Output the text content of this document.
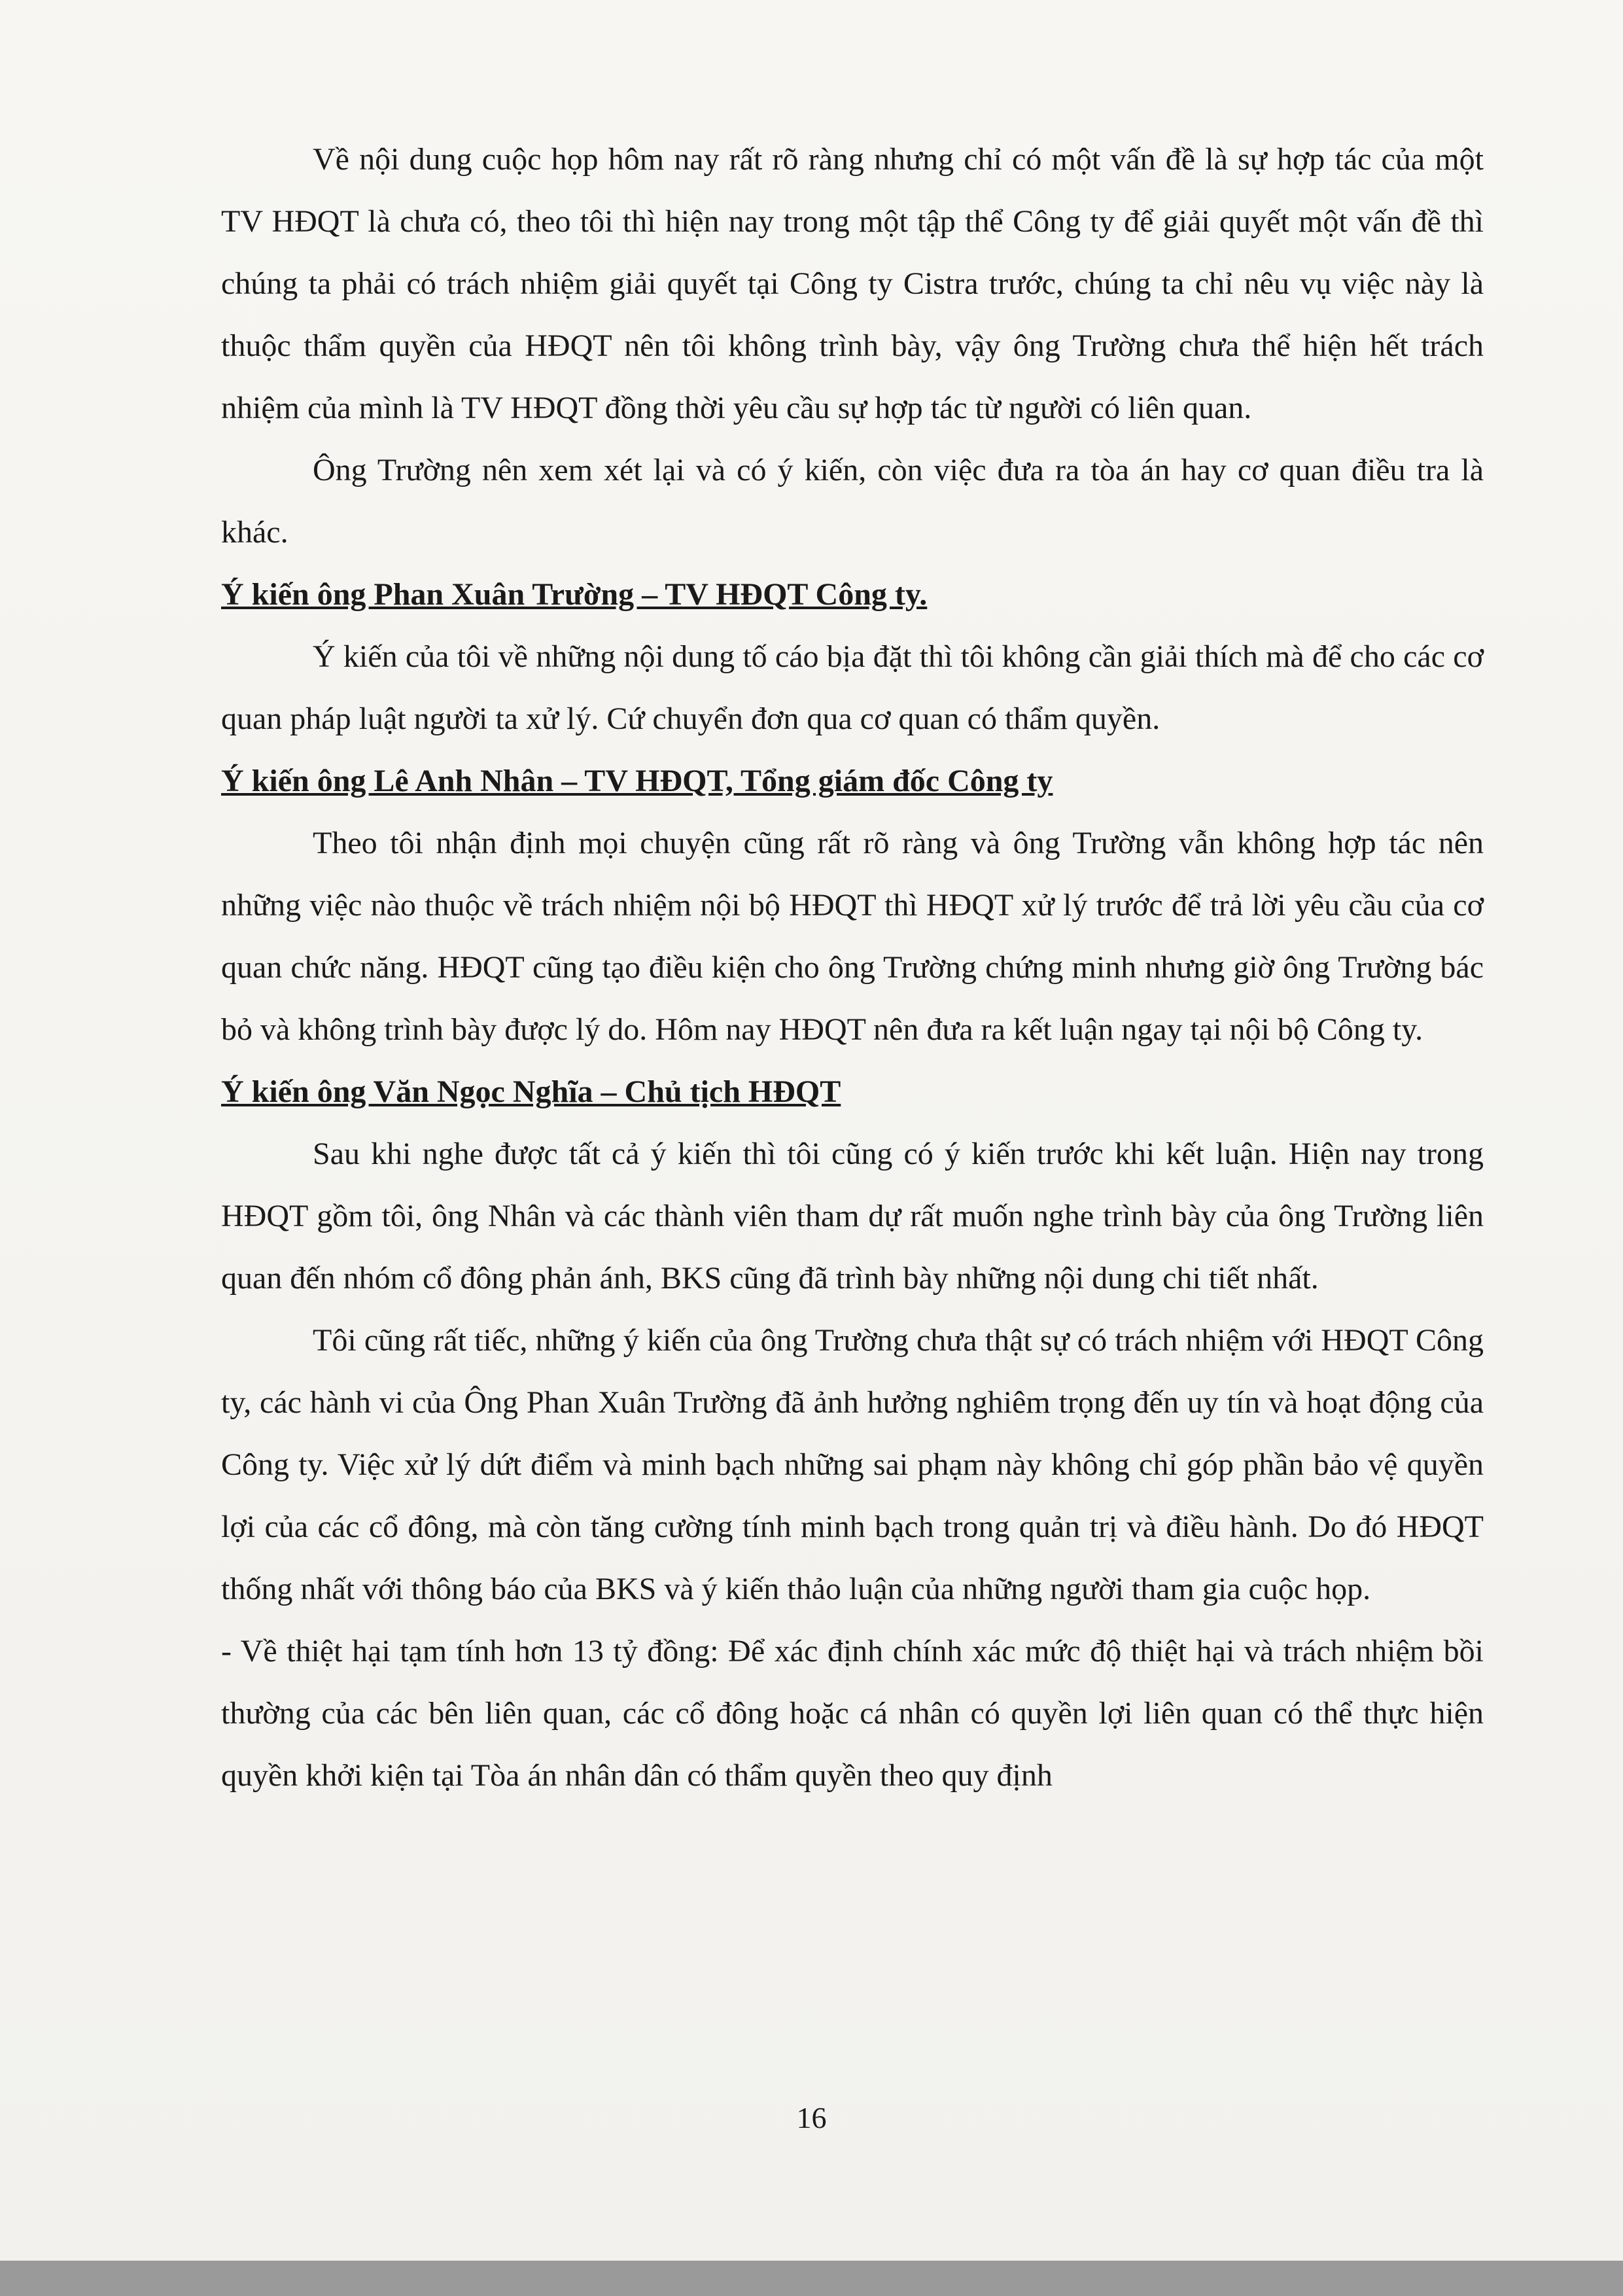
Về nội dung cuộc họp hôm nay rất rõ ràng nhưng chỉ có một vấn đề là sự hợp tác của một TV HĐQT là chưa có, theo tôi thì hiện nay trong một tập thể Công ty để giải quyết một vấn đề thì chúng ta phải có trách nhiệm giải quyết tại Công ty Cistra trước, chúng ta chỉ nêu vụ việc này là thuộc thẩm quyền của HĐQT nên tôi không trình bày, vậy ông Trường chưa thể hiện hết trách nhiệm của mình là TV HĐQT đồng thời yêu cầu sự hợp tác từ người có liên quan.

Ông Trường nên xem xét lại và có ý kiến, còn việc đưa ra tòa án hay cơ quan điều tra là khác.

Ý kiến ông Phan Xuân Trường – TV HĐQT Công ty.

Ý kiến của tôi về những nội dung tố cáo bịa đặt thì tôi không cần giải thích mà để cho các cơ quan pháp luật người ta xử lý. Cứ chuyển đơn qua cơ quan có thẩm quyền.

Ý kiến ông Lê Anh Nhân – TV HĐQT, Tổng giám đốc Công ty

Theo tôi nhận định mọi chuyện cũng rất rõ ràng và ông Trường vẫn không hợp tác nên những việc nào thuộc về trách nhiệm nội bộ HĐQT thì HĐQT xử lý trước để trả lời yêu cầu của cơ quan chức năng. HĐQT cũng tạo điều kiện cho ông Trường chứng minh nhưng giờ ông Trường bác bỏ và không trình bày được lý do. Hôm nay HĐQT nên đưa ra kết luận ngay tại nội bộ Công ty.

Ý kiến ông Văn Ngọc Nghĩa – Chủ tịch HĐQT

Sau khi nghe được tất cả ý kiến thì tôi cũng có ý kiến trước khi kết luận. Hiện nay trong HĐQT gồm tôi, ông Nhân và các thành viên tham dự rất muốn nghe trình bày của ông Trường liên quan đến nhóm cổ đông phản ánh, BKS cũng đã trình bày những nội dung chi tiết nhất.

Tôi cũng rất tiếc, những ý kiến của ông Trường chưa thật sự có trách nhiệm với HĐQT Công ty, các hành vi của Ông Phan Xuân Trường đã ảnh hưởng nghiêm trọng đến uy tín và hoạt động của Công ty. Việc xử lý dứt điểm và minh bạch những sai phạm này không chỉ góp phần bảo vệ quyền lợi của các cổ đông, mà còn tăng cường tính minh bạch trong quản trị và điều hành. Do đó HĐQT thống nhất với thông báo của BKS và ý kiến thảo luận của những người tham gia cuộc họp.

- Về thiệt hại tạm tính hơn 13 tỷ đồng: Để xác định chính xác mức độ thiệt hại và trách nhiệm bồi thường của các bên liên quan, các cổ đông hoặc cá nhân có quyền lợi liên quan có thể thực hiện quyền khởi kiện tại Tòa án nhân dân có thẩm quyền theo quy định

16
